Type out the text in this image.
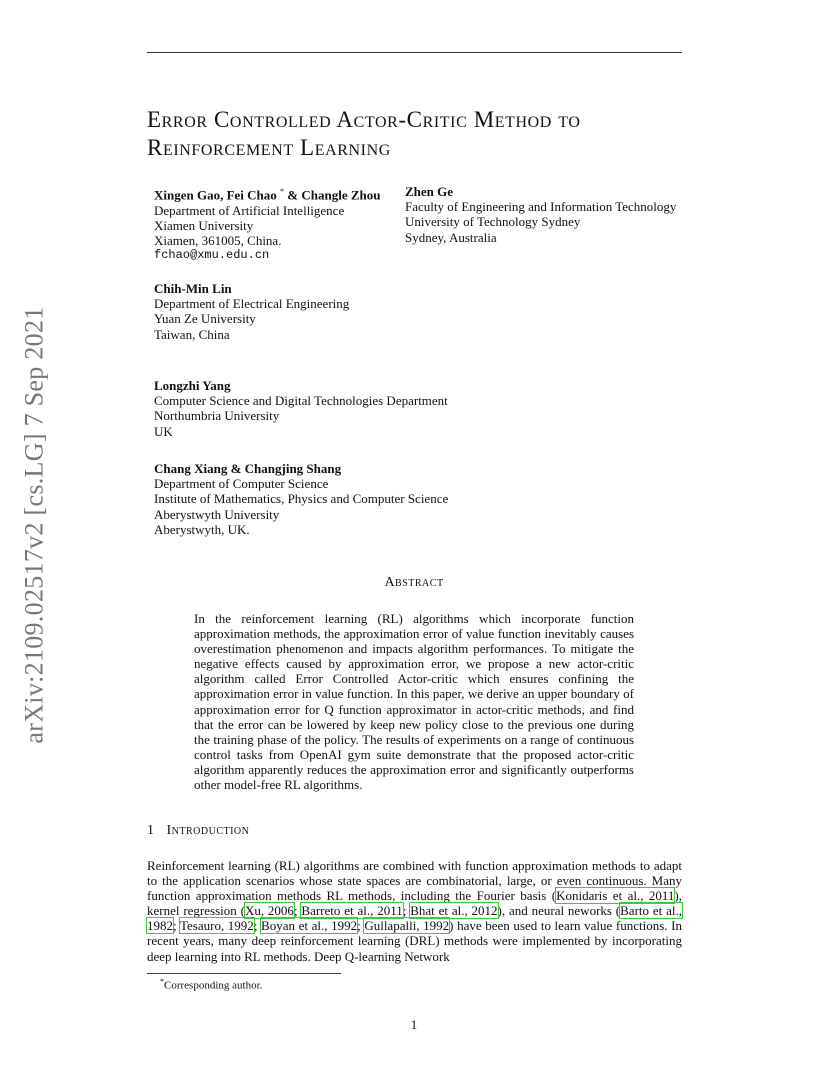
arXiv:2109.02517v2 [cs.LG] 7 Sep 2021
Error Controlled Actor-Critic Method to
Reinforcement Learning
Xingen Gao, Fei Chao * & Changle Zhou
Department of Artificial Intelligence
Xiamen University
Xiamen, 361005, China.
fchao@xmu.edu.cn
Zhen Ge
Faculty of Engineering and Information Technology
University of Technology Sydney
Sydney, Australia
Chih-Min Lin
Department of Electrical Engineering
Yuan Ze University
Taiwan, China
Longzhi Yang
Computer Science and Digital Technologies Department
Northumbria University
UK
Chang Xiang & Changjing Shang
Department of Computer Science
Institute of Mathematics, Physics and Computer Science
Aberystwyth University
Aberystwyth, UK.
Abstract

In the reinforcement learning (RL) algorithms which incorporate function approximation methods, the approximation error of value function inevitably causes overestimation phenomenon and impacts algorithm performances. To mitigate the negative effects caused by approximation error, we propose a new actor-critic algorithm called Error Controlled Actor-critic which ensures confining the approximation error in value function. In this paper, we derive an upper boundary of approximation error for Q function approximator in actor-critic methods, and find that the error can be lowered by keep new policy close to the previous one during the training phase of the policy. The results of experiments on a range of continuous control tasks from OpenAI gym suite demonstrate that the proposed actor-critic algorithm apparently reduces the approximation error and significantly outperforms other model-free RL algorithms.

1 Introduction

Reinforcement learning (RL) algorithms are combined with function approximation methods to adapt to the application scenarios whose state spaces are combinatorial, large, or even continuous. Many function approximation methods RL methods, including the Fourier basis (Konidaris et al., 2011), kernel regression (Xu, 2006; Barreto et al., 2011; Bhat et al., 2012), and neural neworks (Barto et al., 1982; Tesauro, 1992; Boyan et al., 1992; Gullapalli, 1992) have been used to learn value functions. In recent years, many deep reinforcement learning (DRL) methods were implemented by incorporating deep learning into RL methods. Deep Q-learning Network

*Corresponding author.
1
